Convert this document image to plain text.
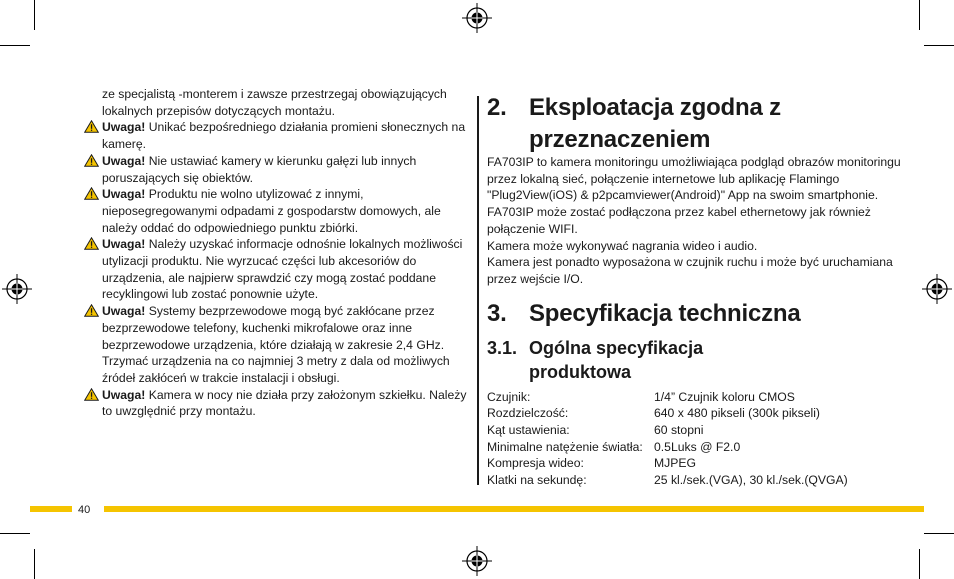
ze specjalistą -monterem i zawsze przestrzegaj obowiązujących lokalnych przepisów dotyczących montażu.

Uwaga! Unikać bezpośredniego działania promieni słonecznych na kamerę.
Uwaga! Nie ustawiać kamery w kierunku gałęzi lub innych poruszających się obiektów.
Uwaga! Produktu nie wolno utylizować z innymi, nieposegregowanymi odpadami z gospodarstw domowych, ale należy oddać do odpowiedniego punktu zbiórki.
Uwaga! Należy uzyskać informacje odnośnie lokalnych możliwości utylizacji produktu. Nie wyrzucać części lub akcesoriów do urządzenia, ale najpierw sprawdzić czy mogą zostać poddane recyklingowi lub zostać ponownie użyte.
Uwaga! Systemy bezprzewodowe mogą być zakłócane przez bezprzewodowe telefony, kuchenki mikrofalowe oraz inne bezprzewodowe urządzenia, które działają w zakresie 2,4 GHz. Trzymać urządzenia na co najmniej 3 metry z dala od możliwych źródeł zakłóceń w trakcie instalacji i obsługi.
Uwaga! Kamera w nocy nie działa przy założonym szkiełku. Należy to uwzględnić przy montażu.
2. Eksploatacja zgodna z przeznaczeniem

FA703IP to kamera monitoringu umożliwiająca podgląd obrazów monitoringu przez lokalną sieć, połączenie internetowe lub aplikację Flamingo "Plug2View(iOS) & p2pcamviewer(Android)" App na swoim smartphonie. FA703IP może zostać podłączona przez kabel ethernetowy jak również połączenie WIFI.

Kamera może wykonywać nagrania wideo i audio.

Kamera jest ponadto wyposażona w czujnik ruchu i może być uruchamiana przez wejście I/O.

3. Specyfikacja techniczna
3.1. Ogólna specyfikacja produktowa
Czujnik:	1/4” Czujnik koloru CMOS
Rozdzielczość:	640 x 480 pikseli (300k pikseli)
Kąt ustawienia:	60 stopni
Minimalne natężenie światła: 0.5Luks @ F2.0
Kompresja wideo:	MJPEG
Klatki na sekundę:	25 kl./sek.(VGA), 30 kl./sek.(QVGA)
40
